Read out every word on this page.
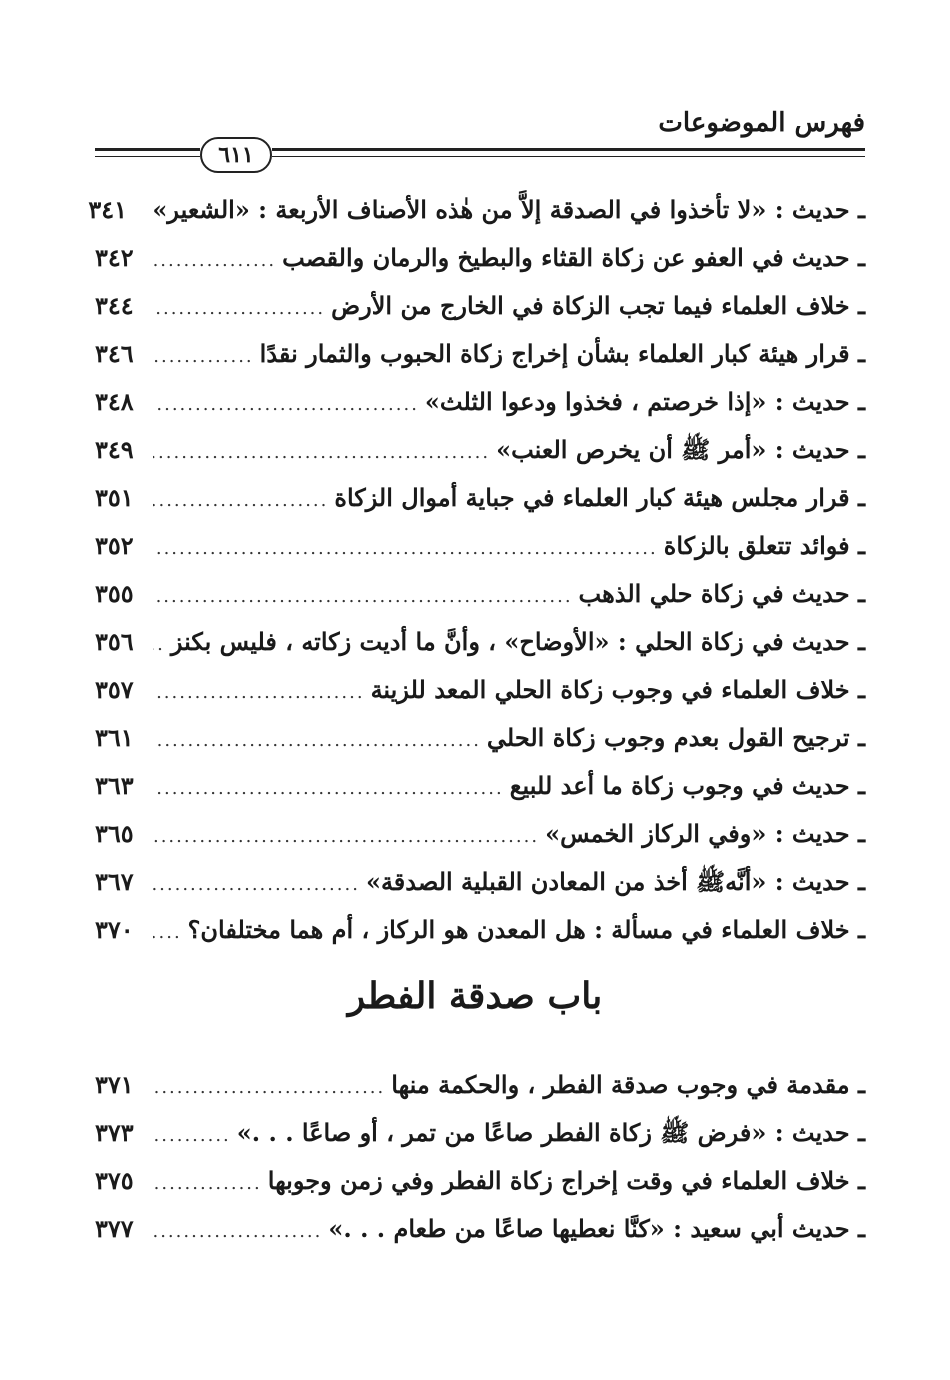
فهرس الموضوعات
٦١١
ـ حديث : «لا تأخذوا في الصدقة إلاَّ من هٰذه الأصناف الأربعة : «الشعير»
٣٤١
ـ حديث في العفو عن زكاة القثاء والبطيخ والرمان والقصب
.....
٣٤٢
ـ خلاف العلماء فيما تجب الزكاة في الخارج من الأرض
.....
٣٤٤
ـ قرار هيئة كبار العلماء بشأن إخراج زكاة الحبوب والثمار نقدًا
.....
٣٤٦
ـ حديث : «إذا خرصتم ، فخذوا ودعوا الثلث»
.....
٣٤٨
ـ حديث : «أمر ﷺ أن يخرص العنب»
.....
٣٤٩
ـ قرار مجلس هيئة كبار العلماء في جباية أموال الزكاة
.....
٣٥١
ـ فوائد تتعلق بالزكاة
.....
٣٥٢
ـ حديث في زكاة حلي الذهب
.....
٣٥٥
ـ حديث في زكاة الحلي : «الأوضاح» ، وأنَّ ما أديت زكاته ، فليس بكنز
.....
٣٥٦
ـ خلاف العلماء في وجوب زكاة الحلي المعد للزينة
.....
٣٥٧
ـ ترجيح القول بعدم وجوب زكاة الحلي
.....
٣٦١
ـ حديث في وجوب زكاة ما أعد للبيع
.....
٣٦٣
ـ حديث : «وفي الركاز الخمس»
.....
٣٦٥
ـ حديث : «أنَّهﷺ أخذ من المعادن القبلية الصدقة»
.....
٣٦٧
ـ خلاف العلماء في مسألة : هل المعدن هو الركاز ، أم هما مختلفان؟
.....
٣٧٠
باب صدقة الفطر
ـ مقدمة في وجوب صدقة الفطر ، والحكمة منها
.....
٣٧١
ـ حديث : «فرض ﷺ زكاة الفطر صاعًا من تمر ، أو صاعًا . . .»
.....
٣٧٣
ـ خلاف العلماء في وقت إخراج زكاة الفطر وفي زمن وجوبها
.....
٣٧٥
ـ حديث أبي سعيد : «كنَّا نعطيها صاعًا من طعام . . .»
.....
٣٧٧
